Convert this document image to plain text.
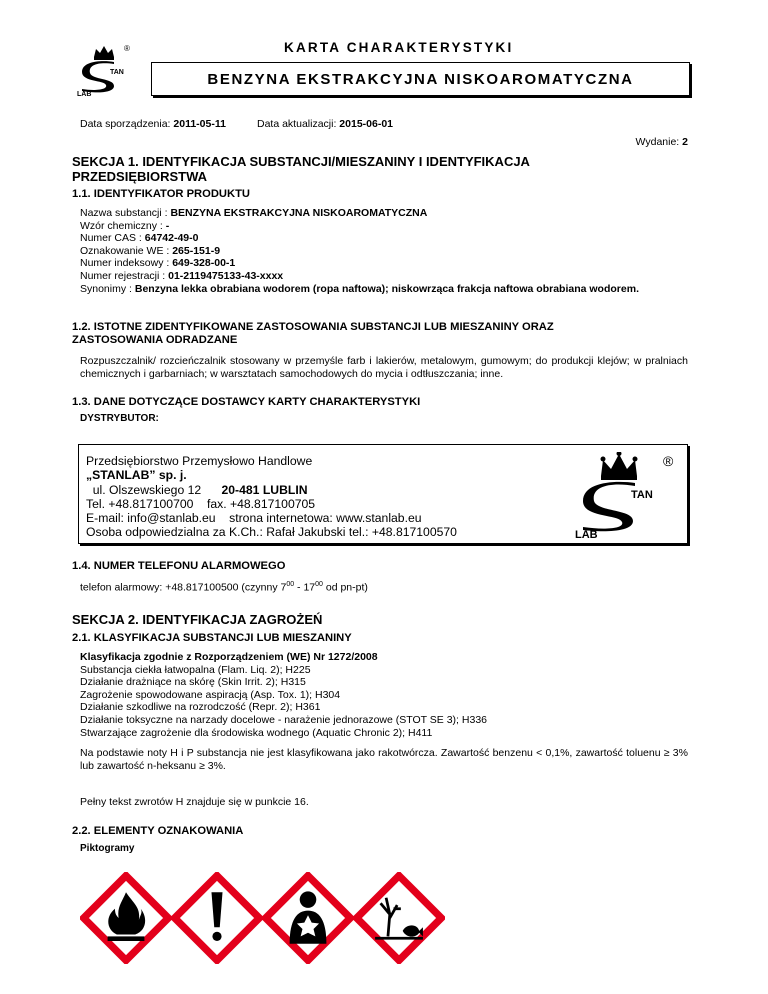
TAN
LAB
®	KARTA CHARAKTERYSTYKI
BENZYNA EKSTRAKCYJNA NISKOAROMATYCZNA
Data sporządzenia: 2011-05-11	Data aktualizacji: 2015-06-01
Wydanie: 2
SEKCJA 1. IDENTYFIKACJA SUBSTANCJI/MIESZANINY I IDENTYFIKACJA
PRZEDSIĘBIORSTWA
1.1. IDENTYFIKATOR PRODUKTU
Nazwa substancji : BENZYNA EKSTRAKCYJNA NISKOAROMATYCZNA
Wzór chemiczny : -
Numer CAS : 64742-49-0
Oznakowanie WE : 265-151-9
Numer indeksowy : 649-328-00-1
Numer rejestracji : 01-2119475133-43-xxxx
Synonimy : Benzyna lekka obrabiana wodorem (ropa naftowa); niskowrząca frakcja naftowa obrabiana wodorem.
1.2. ISTOTNE ZIDENTYFIKOWANE ZASTOSOWANIA SUBSTANCJI LUB MIESZANINY ORAZ
ZASTOSOWANIA ODRADZANE
Rozpuszczalnik/ rozcieńczalnik stosowany w przemyśle farb i lakierów, metalowym, gumowym; do produkcji klejów; w pralniach chemicznych i garbarniach; w warsztatach samochodowych do mycia i odtłuszczania; inne.
1.3. DANE DOTYCZĄCE DOSTAWCY KARTY CHARAKTERYSTYKI
DYSTRYBUTOR:
Przedsiębiorstwo Przemysłowo Handlowe
„STANLAB” sp. j.
ul. Olszewskiego 12 20-481 LUBLIN
Tel. +48.817100700 fax. +48.817100705
E-mail: info@stanlab.eu strona internetowa: www.stanlab.eu
Osoba odpowiedzialna za K.Ch.: Rafał Jakubski tel.: +48.817100570
TAN
LAB
®
1.4. NUMER TELEFONU ALARMOWEGO
telefon alarmowy: +48.817100500 (czynny $7^{00} - 17^{00}$ od pn-pt)
SEKCJA 2. IDENTYFIKACJA ZAGROŻEŃ
2.1. KLASYFIKACJA SUBSTANCJI LUB MIESZANINY
Klasyfikacja zgodnie z Rozporządzeniem (WE) Nr 1272/2008
Substancja ciekła łatwopalna (Flam. Liq. 2); H225
Działanie drażniące na skórę (Skin Irrit. 2); H315
Zagrożenie spowodowane aspiracją (Asp. Tox. 1); H304
Działanie szkodliwe na rozrodczość (Repr. 2); H361
Działanie toksyczne na narzady docelowe - narażenie jednorazowe (STOT SE 3); H336
Stwarzające zagrożenie dla środowiska wodnego (Aquatic Chronic 2); H411
Na podstawie noty H i P substancja nie jest klasyfikowana jako rakotwórcza. Zawartość benzenu < 0,1%, zawartość toluenu ≥ 3% lub zawartość n-heksanu ≥ 3%.
Pełny tekst zwrotów H znajduje się w punkcie 16.
2.2. ELEMENTY OZNAKOWANIA
Piktogramy
